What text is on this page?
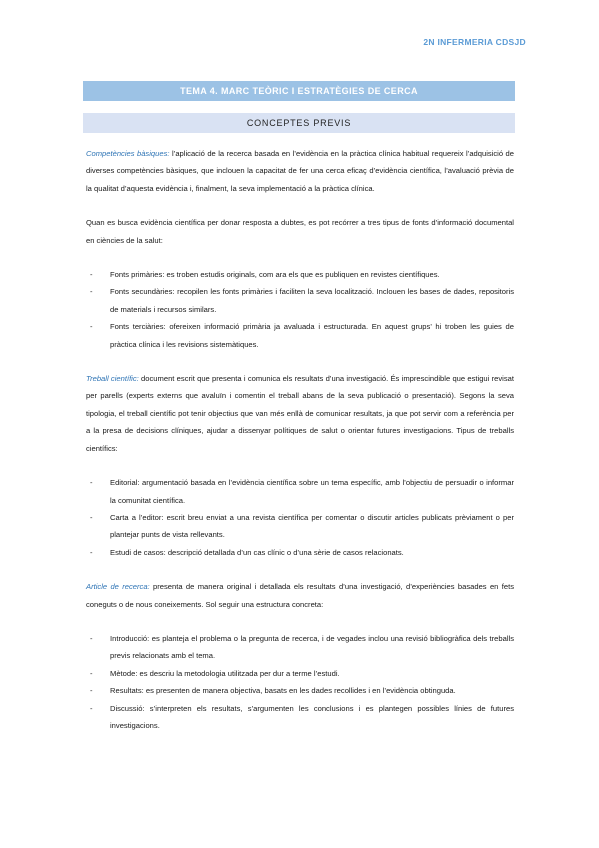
2N INFERMERIA CDSJD
TEMA 4. MARC TEÒRIC I ESTRATÈGIES DE CERCA
CONCEPTES PREVIS

Competències bàsiques: l’aplicació de la recerca basada en l’evidència en la pràctica clínica habitual requereix l’adquisició de diverses competències bàsiques, que inclouen la capacitat de fer una cerca eficaç d’evidència científica, l’avaluació prèvia de la qualitat d’aquesta evidència i, finalment, la seva implementació a la pràctica clínica.

Quan es busca evidència científica per donar resposta a dubtes, es pot recórrer a tres tipus de fonts d’informació documental en ciències de la salut:

- Fonts primàries: es troben estudis originals, com ara els que es publiquen en revistes científiques.
- Fonts secundàries: recopilen les fonts primàries i faciliten la seva localització. Inclouen les bases de dades, repositoris de materials i recursos similars.
- Fonts terciàries: ofereixen informació primària ja avaluada i estructurada. En aquest grups’ hi troben les guies de pràctica clínica i les revisions sistemàtiques.

Treball científic: document escrit que presenta i comunica els resultats d’una investigació. És imprescindible que estigui revisat per parells (experts externs que avaluïn i comentin el treball abans de la seva publicació o presentació). Segons la seva tipologia, el treball científic pot tenir objectius que van més enllà de comunicar resultats, ja que pot servir com a referència per a la presa de decisions clíniques, ajudar a dissenyar polítiques de salut o orientar futures investigacions. Tipus de treballs científics:

- Editorial: argumentació basada en l’evidència científica sobre un tema específic, amb l’objectiu de persuadir o informar la comunitat científica.
- Carta a l’editor: escrit breu enviat a una revista científica per comentar o discutir articles publicats prèviament o per plantejar punts de vista rellevants.
- Estudi de casos: descripció detallada d’un cas clínic o d’una sèrie de casos relacionats.

Article de recerca: presenta de manera original i detallada els resultats d’una investigació, d’experiències basades en fets coneguts o de nous coneixements. Sol seguir una estructura concreta:

- Introducció: es planteja el problema o la pregunta de recerca, i de vegades inclou una revisió bibliogràfica dels treballs previs relacionats amb el tema.
- Mètode: es descriu la metodologia utilitzada per dur a terme l’estudi.
- Resultats: es presenten de manera objectiva, basats en les dades recollides i en l’evidència obtinguda.
- Discussió: s’interpreten els resultats, s’argumenten les conclusions i es plantegen possibles línies de futures investigacions.
